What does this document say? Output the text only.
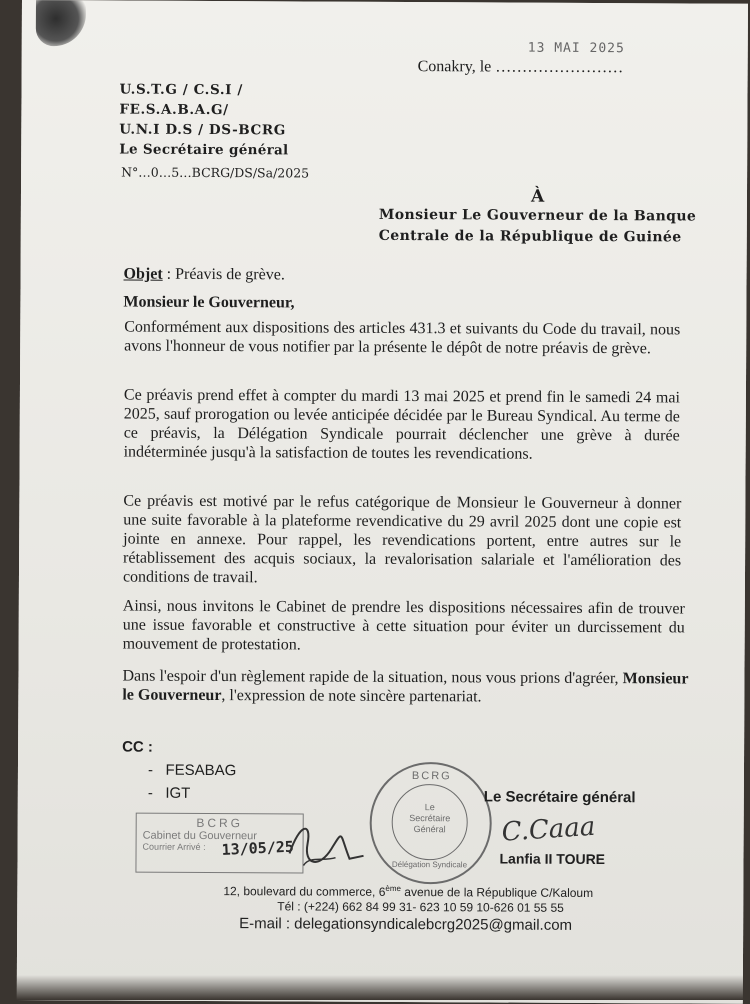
Conakry, le ……………………
13 MAI 2025
U.S.T.G / C.S.I /
FE.S.A.B.A.G/
U.N.I D.S / DS-BCRG
Le Secrétaire général
N°…0…5…BCRG/DS/Sa/2025
À
Monsieur Le Gouverneur de la Banque
Centrale de la République de Guinée
Objet : Préavis de grève.
Monsieur le Gouverneur,
Conformément aux dispositions des articles 431.3 et suivants du Code du travail, nous avons l'honneur de vous notifier par la présente le dépôt de notre préavis de grève.
Ce préavis prend effet à compter du mardi 13 mai 2025 et prend fin le samedi 24 mai 2025, sauf prorogation ou levée anticipée décidée par le Bureau Syndical. Au terme de ce préavis, la Délégation Syndicale pourrait déclencher une grève à durée indéterminée jusqu'à la satisfaction de toutes les revendications.
Ce préavis est motivé par le refus catégorique de Monsieur le Gouverneur à donner une suite favorable à la plateforme revendicative du 29 avril 2025 dont une copie est jointe en annexe. Pour rappel, les revendications portent, entre autres sur le rétablissement des acquis sociaux, la revalorisation salariale et l'amélioration des conditions de travail.
Ainsi, nous invitons le Cabinet de prendre les dispositions nécessaires afin de trouver une issue favorable et constructive à cette situation pour éviter un durcissement du mouvement de protestation.
Dans l'espoir d'un règlement rapide de la situation, nous vous prions d'agréer, Monsieur le Gouverneur, l'expression de note sincère partenariat.
CC :
-   FESABAG
-   IGT
BCRG
Délégation Syndicale
Le
Secrétaire
Général
Le Secrétaire général
C.Caaa
Lanfia II TOURE
BCRG
Cabinet du Gouverneur
Courrier Arrivé :	13/05/25
12, boulevard du commerce, 6ème avenue de la République C/Kaloum
Tél : (+224) 662 84 99 31- 623 10 59 10-626 01 55 55
E-mail : delegationsyndicalebcrg2025@gmail.com
